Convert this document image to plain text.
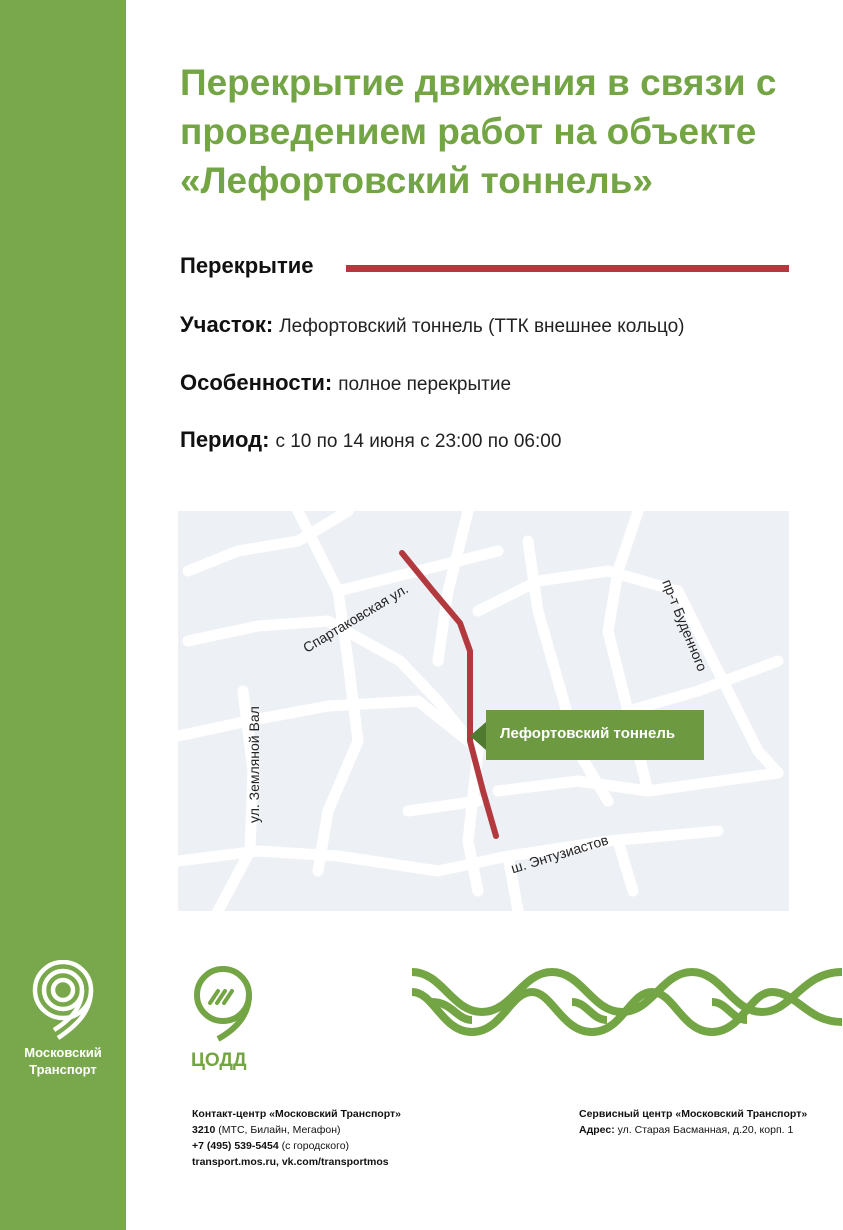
Московский
Транспорт
Перекрытие движения в связи с проведением работ на объекте «Лефортовский тоннель»
Перекрытие
Участок: Лефортовский тоннель (ТТК внешнее кольцо)
Особенности: полное перекрытие
Период: с 10 по 14 июня с 23:00 по 06:00
Спартаковская ул.
ул. Земляной Вал
пр-т Буденного
ш. Энтузиастов
Лефортовский тоннель
ЦОДД
Контакт-центр «Московский Транспорт»
3210 (МТС, Билайн, Мегафон)
+7 (495) 539-5454 (с городского)
transport.mos.ru, vk.com/transportmos
Сервисный центр «Московский Транспорт»
Адрес: ул. Старая Басманная, д.20, корп. 1
